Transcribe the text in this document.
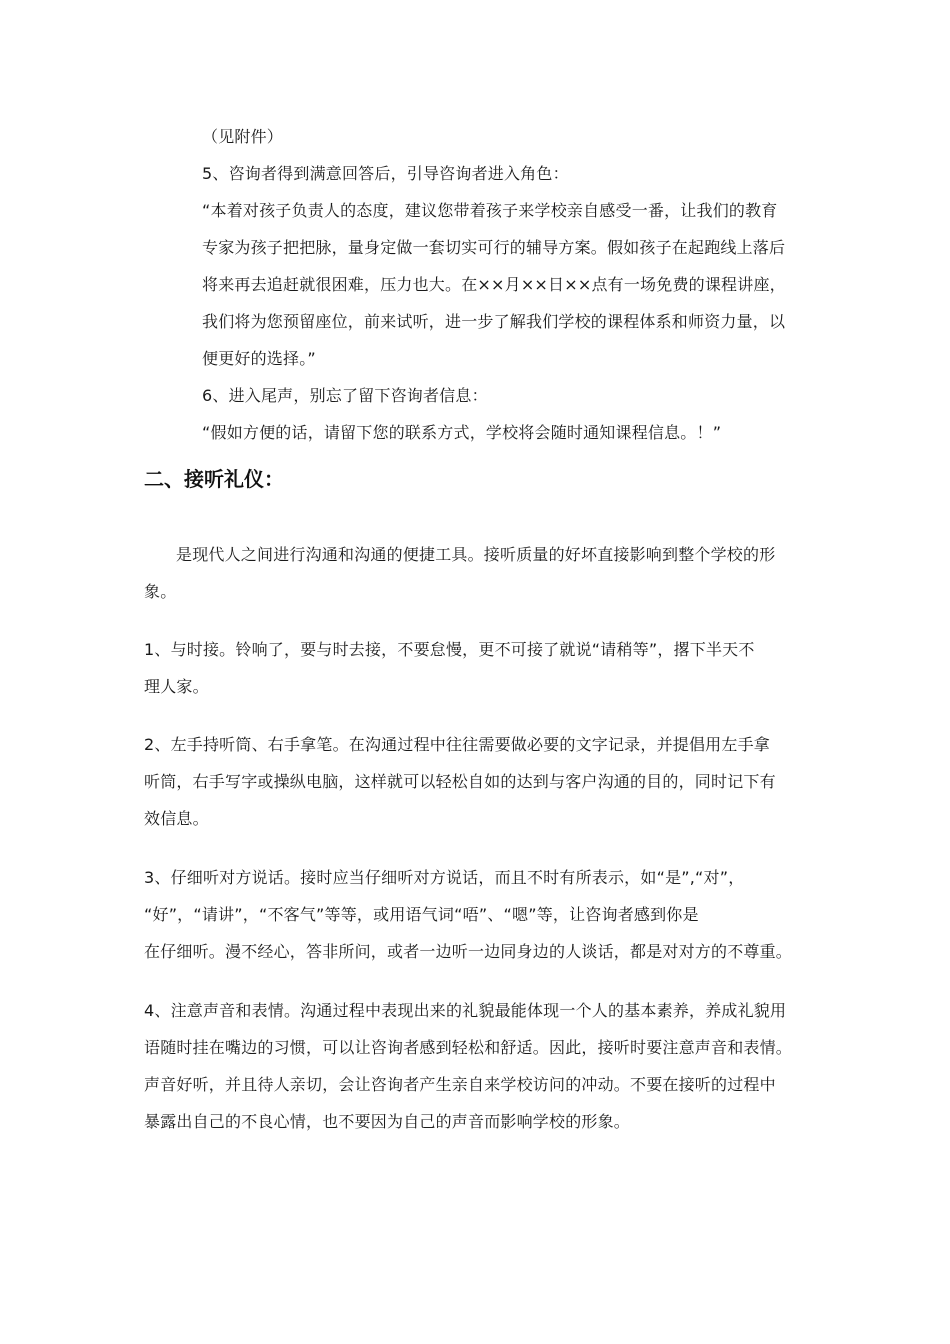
（见附件）
5、咨询者得到满意回答后，引导咨询者进入角色：
“本着对孩子负责人的态度，建议您带着孩子来学校亲自感受一番，让我们的教育
专家为孩子把把脉，量身定做一套切实可行的辅导方案。假如孩子在起跑线上落后
将来再去追赶就很困难，压力也大。在××月××日××点有一场免费的课程讲座，
我们将为您预留座位，前来试听，进一步了解我们学校的课程体系和师资力量，以
便更好的选择。”
6、进入尾声，别忘了留下咨询者信息：
“假如方便的话，请留下您的联系方式，学校将会随时通知课程信息。！”
二、接听礼仪：
是现代人之间进行沟通和沟通的便捷工具。接听质量的好坏直接影响到整个学校的形
象。
1、与时接。铃响了，要与时去接，不要怠慢，更不可接了就说“请稍等”，撂下半天不
理人家。
2、左手持听筒、右手拿笔。在沟通过程中往往需要做必要的文字记录，并提倡用左手拿
听筒，右手写字或操纵电脑，这样就可以轻松自如的达到与客户沟通的目的，同时记下有
效信息。
3、仔细听对方说话。接时应当仔细听对方说话，而且不时有所表示，如“是”,“对”，
“好”，“请讲”，“不客气”等等，或用语气词“唔”、“嗯”等，让咨询者感到你是
在仔细听。漫不经心，答非所问，或者一边听一边同身边的人谈话，都是对对方的不尊重。
4、注意声音和表情。沟通过程中表现出来的礼貌最能体现一个人的基本素养，养成礼貌用
语随时挂在嘴边的习惯，可以让咨询者感到轻松和舒适。因此，接听时要注意声音和表情。
声音好听，并且待人亲切，会让咨询者产生亲自来学校访问的冲动。不要在接听的过程中
暴露出自己的不良心情，也不要因为自己的声音而影响学校的形象。
